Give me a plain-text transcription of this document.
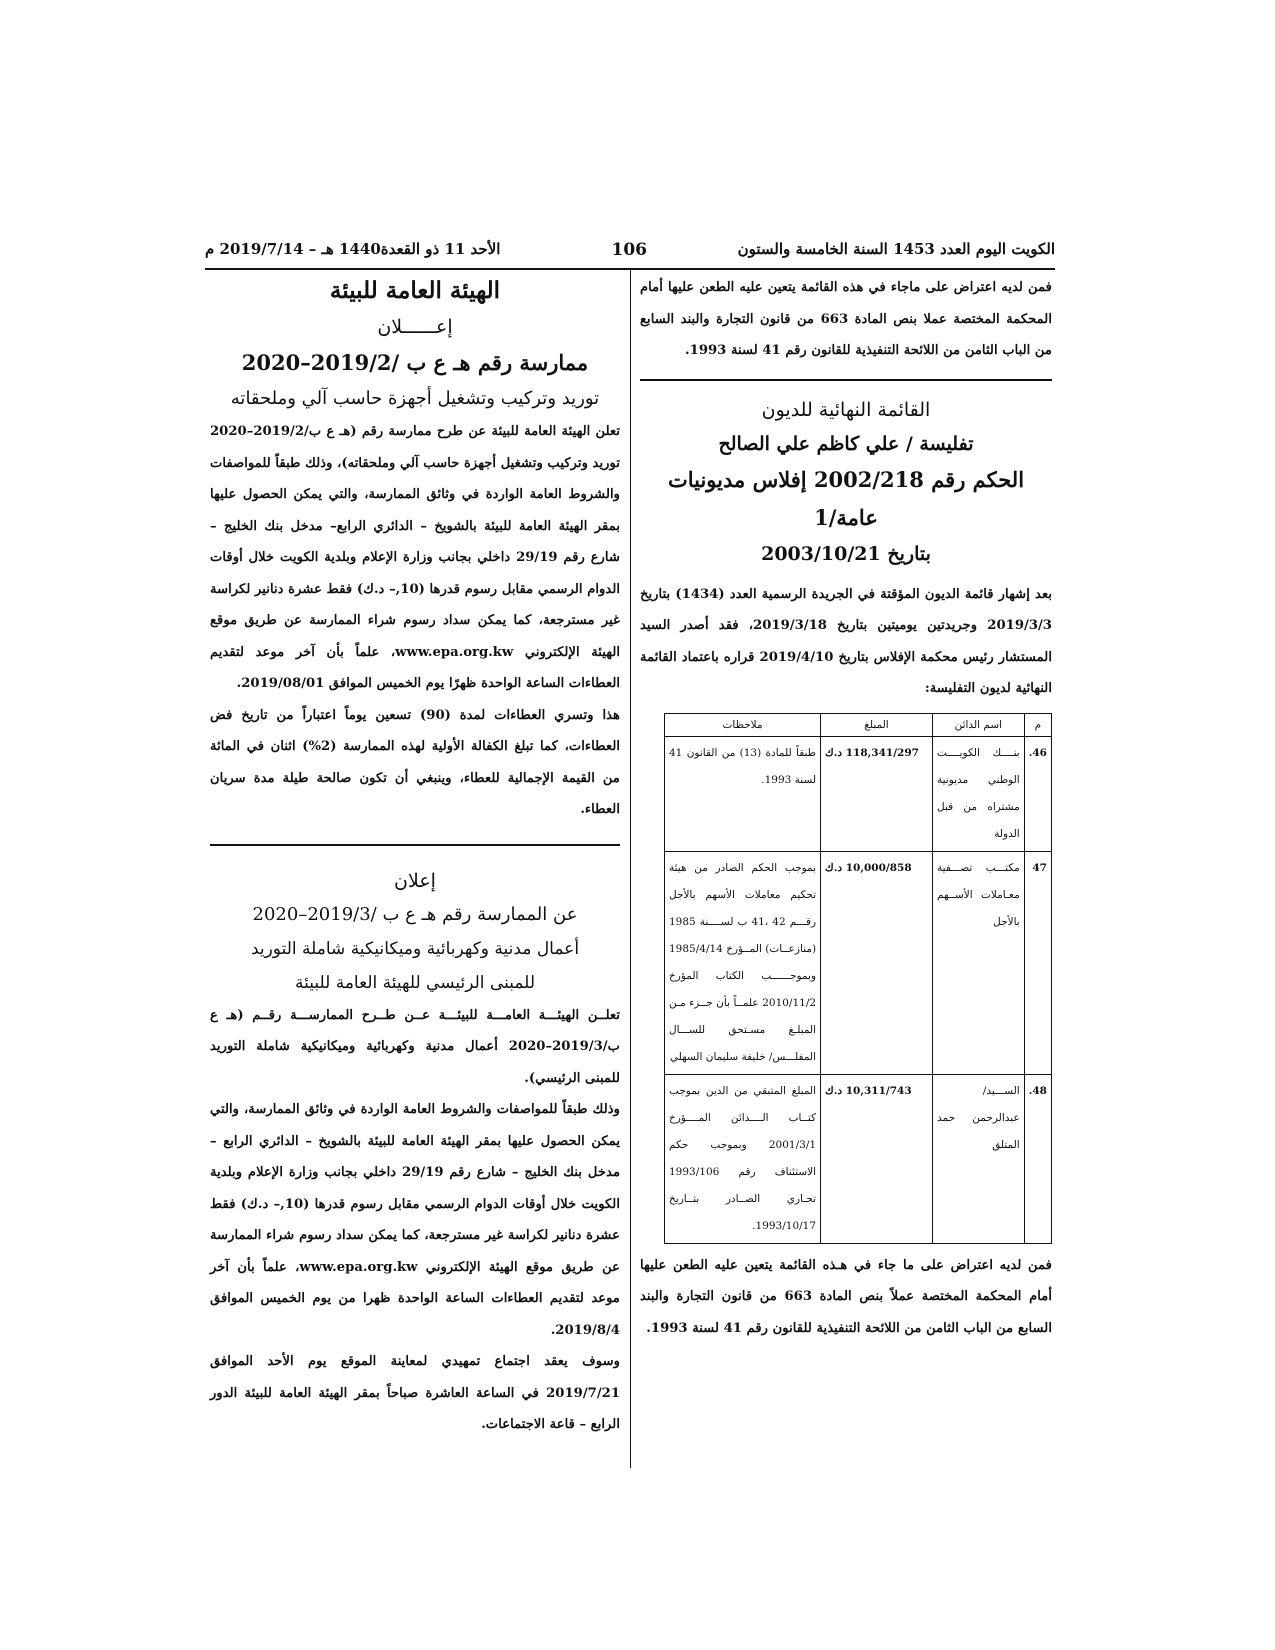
الكويت اليوم العدد 1453 السنة الخامسة والستون
106
الأحد 11 ذو القعدة1440 هـ – 2019/7/14 م

فمن لديه اعتراض على ماجاء في هذه القائمة يتعين عليه الطعن عليها أمام المحكمة المختصة عملا بنص المادة 663 من قانون التجارة والبند السابع من الباب الثامن من اللائحة التنفيذية للقانون رقم 41 لسنة 1993.

القائمة النهائية للديون

تفليسة / علي كاظم علي الصالح

الحكم رقم 2002/218 إفلاس مديونيات عامة/1

بتاريخ 2003/10/21

بعد إشهار قائمة الديون المؤقتة في الجريدة الرسمية العدد (1434) بتاريخ 2019/3/3 وجريدتين يوميتين بتاريخ 2019/3/18، فقد أصدر السيد المستشار رئيس محكمة الإفلاس بتاريخ 2019/4/10 قراره باعتماد القائمة النهائية لديون التفليسة:

م	اسم الدائن	المبلغ	ملاحظات
46.	بنــــك الكويــــت الوطني مديونية مشتراه من قبل الدولة	118,341/297 د.ك	طبقاً للمادة (13) من القانون 41 لسنة 1993.
47	مكتـــب تصـــفية معـاملات الأســهم بالأجل	10,000/858 د.ك	بموجب الحكم الصادر من هيئة تحكيم معاملات الأسهم بالأجل رقـــم 42 ،41 ب لســــنة 1985 (منازعــات) المــؤرخ 1985/4/14 وبموجــــــب الكتاب المؤرخ 2010/11/2 علمــاً بأن جــزء مـن المبلـغ مسـتحق للســـال المفلـــس/ خليفة سليمان السهلي
48.	الســـيد/عبدالرحمن حمد المتلق	10,311/743 د.ك	المبلغ المتبقي من الدين بموجب كتــاب الــــدائن المــــؤرخ 2001/3/1 وبموجب حكم الاستئناف رقم 1993/106 تجـاري الصــادر بتــاريخ 1993/10/17.

فمن لديه اعتراض على ما جاء في هـذه القائمة يتعين عليه الطعن عليها أمام المحكمة المختصة عملاً بنص المادة 663 من قانون التجارة والبند السابع من الباب الثامن من اللائحة التنفيذية للقانون رقم 41 لسنة 1993.

الهيئة العامة للبيئة

إعــــــلان

ممارسة رقم هـ ع ب /2019/2–2020

توريد وتركيب وتشغيل أجهزة حاسب آلي وملحقاته

تعلن الهيئة العامة للبيئة عن طرح ممارسة رقم (هـ ع ب/2019/2–2020 توريد وتركيب وتشغيل أجهزة حاسب آلي وملحقاته)، وذلك طبقاً للمواصفات والشروط العامة الواردة في وثائق الممارسة، والتي يمكن الحصول عليها بمقر الهيئة العامة للبيئة بالشويخ – الدائري الرابع– مدخل بنك الخليج – شارع رقم 29/19 داخلي بجانب وزارة الإعلام وبلدية الكويت خلال أوقات الدوام الرسمي مقابل رسوم قدرها (10,– د.ك) فقط عشرة دنانير لكراسة غير مسترجعة، كما يمكن سداد رسوم شراء الممارسة عن طريق موقع الهيئة الإلكتروني www.epa.org.kw، علماً بأن آخر موعد لتقديم العطاءات الساعة الواحدة ظهرًا يوم الخميس الموافق 2019/08/01.

هذا وتسري العطاءات لمدة (90) تسعين يوماً اعتباراً من تاريخ فض العطاءات، كما تبلغ الكفالة الأولية لهذه الممارسة (2%) اثنان في المائة من القيمة الإجمالية للعطاء، وينبغي أن تكون صالحة طيلة مدة سريان العطاء.

إعلان

عن الممارسة رقم هـ ع ب /2019/3–2020

أعمال مدنية وكهربائية وميكانيكية شاملة التوريد

للمبنى الرئيسي للهيئة العامة للبيئة

تعلــن الهيئـــة العامـــة للبيئـــة عــن طــرح الممارســـة رقــم (هـ ع ب/2019/3–2020 أعمال مدنية وكهربائية وميكانيكية شاملة التوريد للمبنى الرئيسي).

وذلك طبقاً للمواصفات والشروط العامة الواردة في وثائق الممارسة، والتي يمكن الحصول عليها بمقر الهيئة العامة للبيئة بالشويخ – الدائري الرابع – مدخل بنك الخليج – شارع رقم 29/19 داخلي بجانب وزارة الإعلام وبلدية الكويت خلال أوقات الدوام الرسمي مقابل رسوم قدرها (10,– د.ك) فقط عشرة دنانير لكراسة غير مسترجعة، كما يمكن سداد رسوم شراء الممارسة عن طريق موقع الهيئة الإلكتروني www.epa.org.kw، علماً بأن آخر موعد لتقديم العطاءات الساعة الواحدة ظهرا من يوم الخميس الموافق 2019/8/4.

وسوف يعقد اجتماع تمهيدي لمعاينة الموقع يوم الأحد الموافق 2019/7/21 في الساعة العاشرة صباحاً بمقر الهيئة العامة للبيئة الدور الرابع – قاعة الاجتماعات.
